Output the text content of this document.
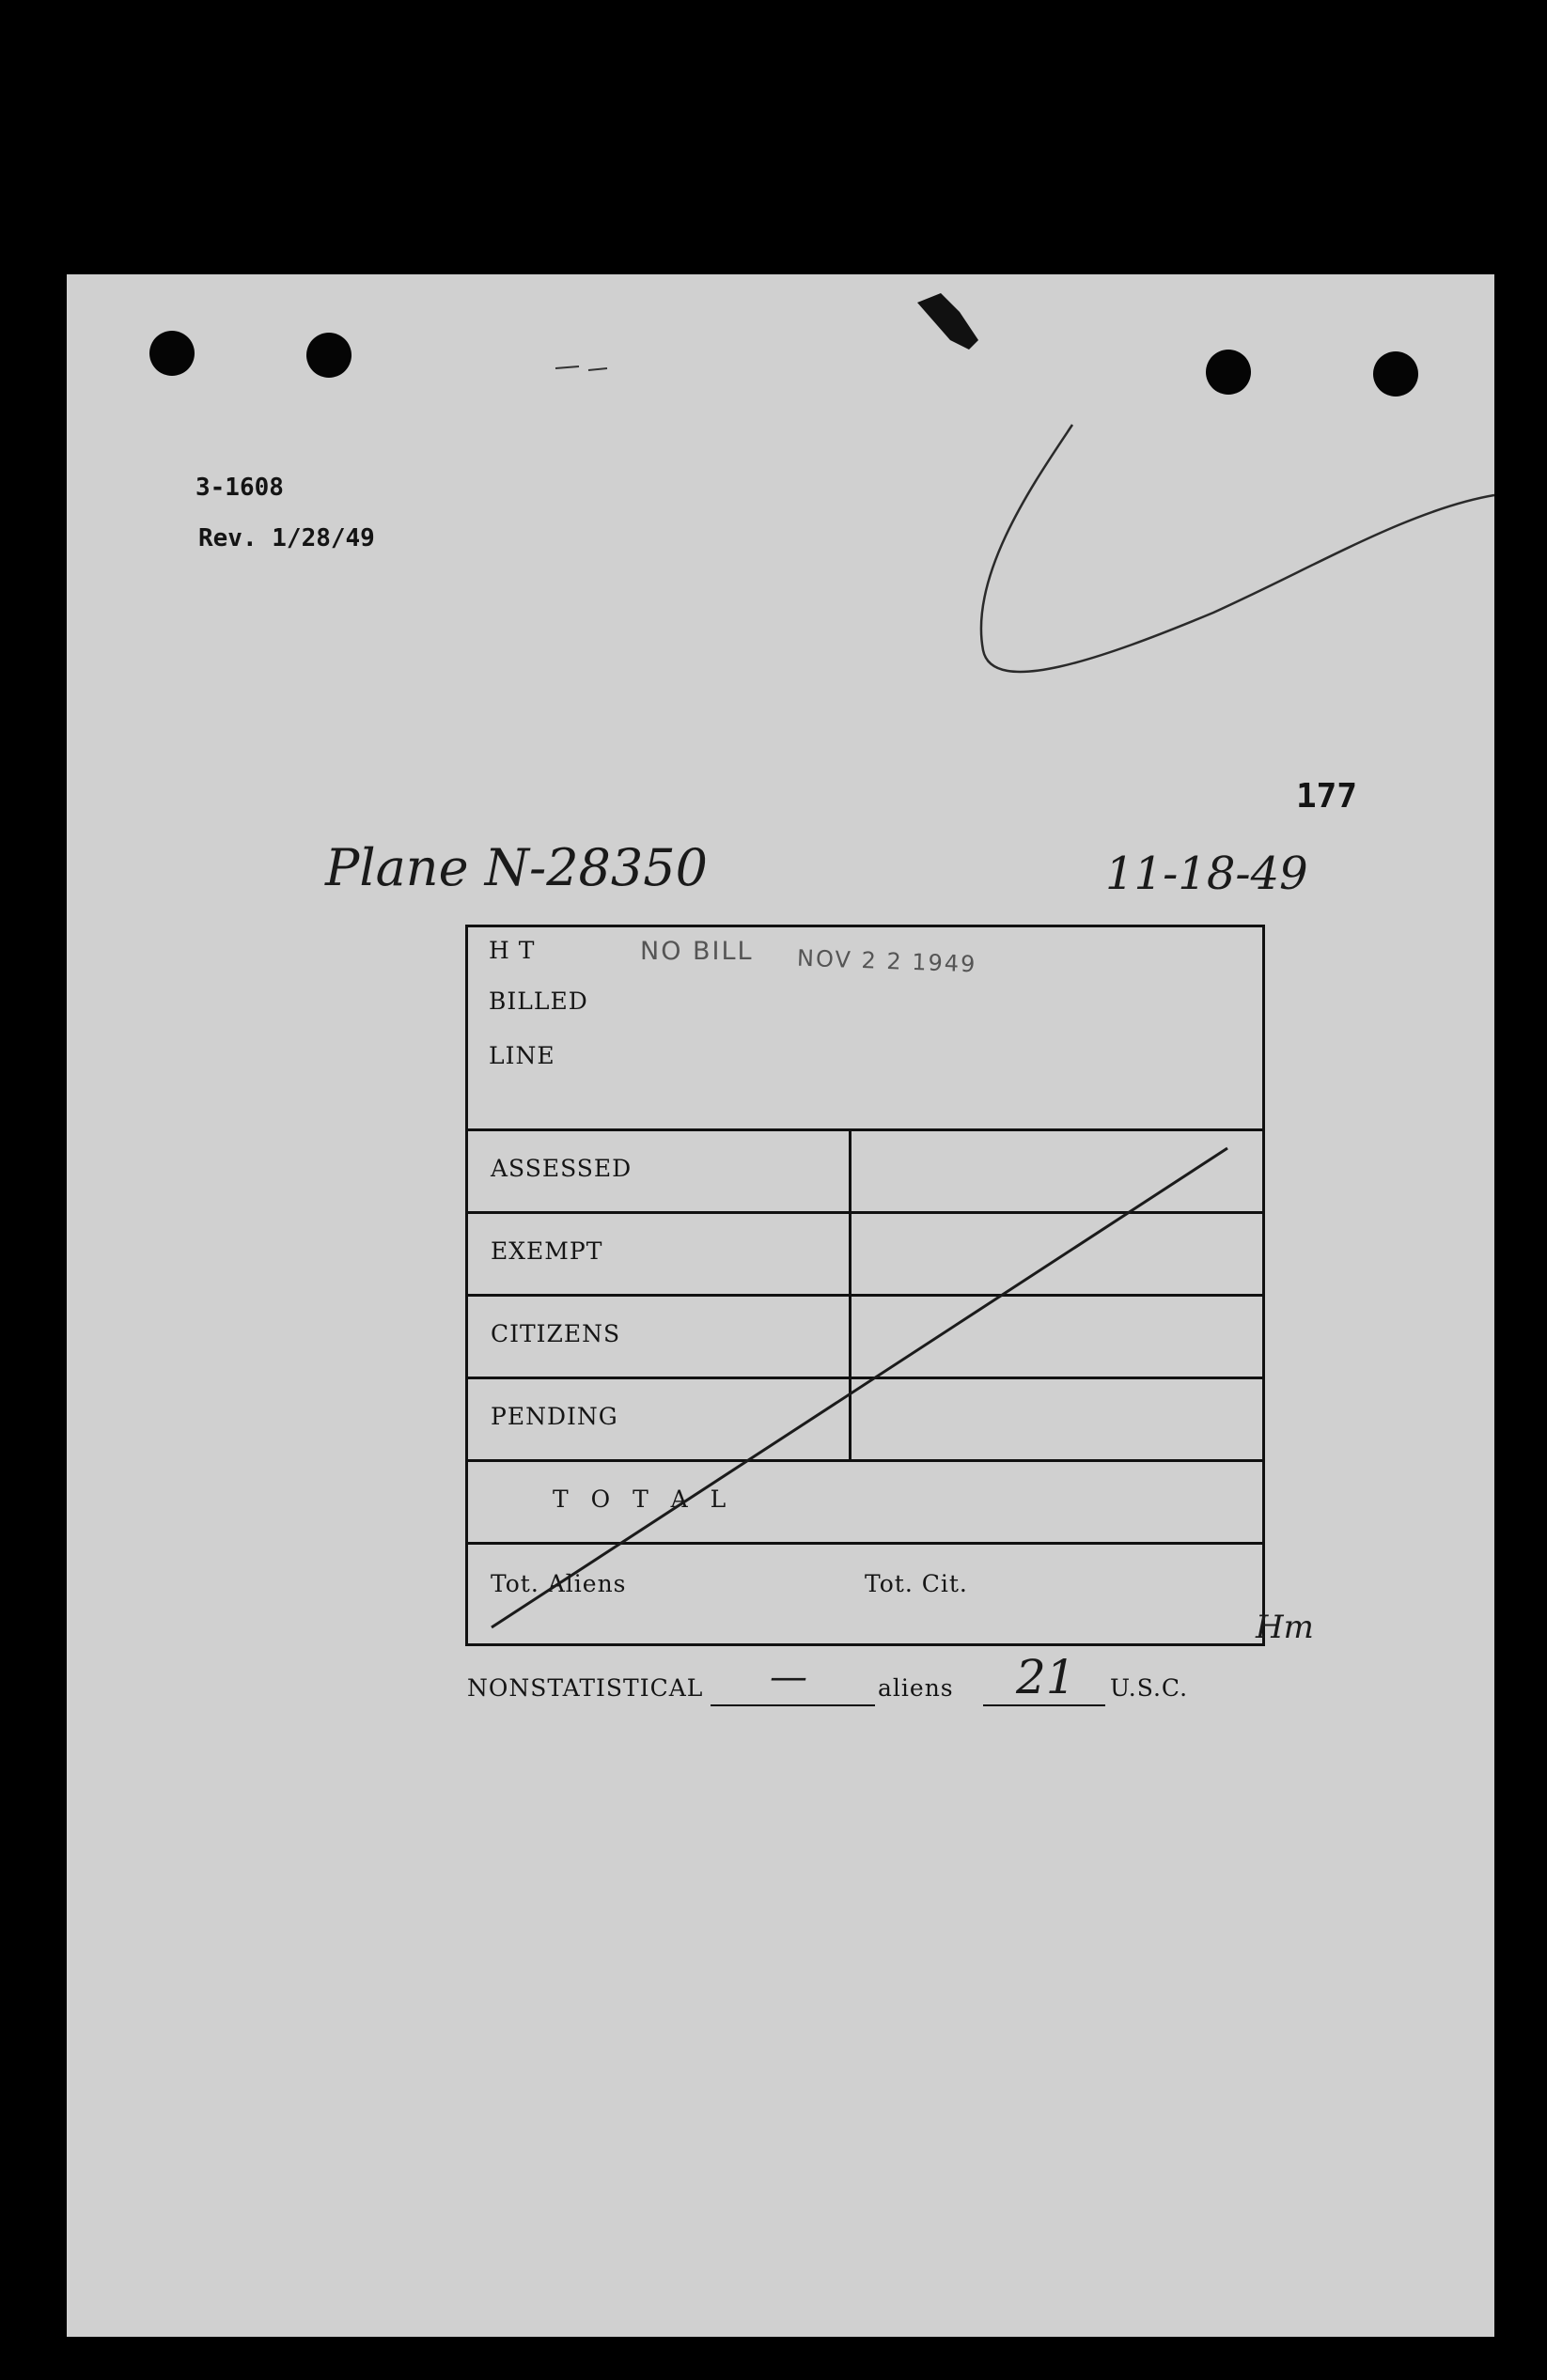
3-1608
Rev. 1/28/49
177
Plane N-28350	11-18-49
H T
BILLED
LINE
NO BILL NOV 2 2 1949
ASSESSED
EXEMPT
CITIZENS
PENDING
T O T A L
Tot. Aliens	Tot. Cit.
NONSTATISTICAL —	aliens 21 U.S.C.
Hm
